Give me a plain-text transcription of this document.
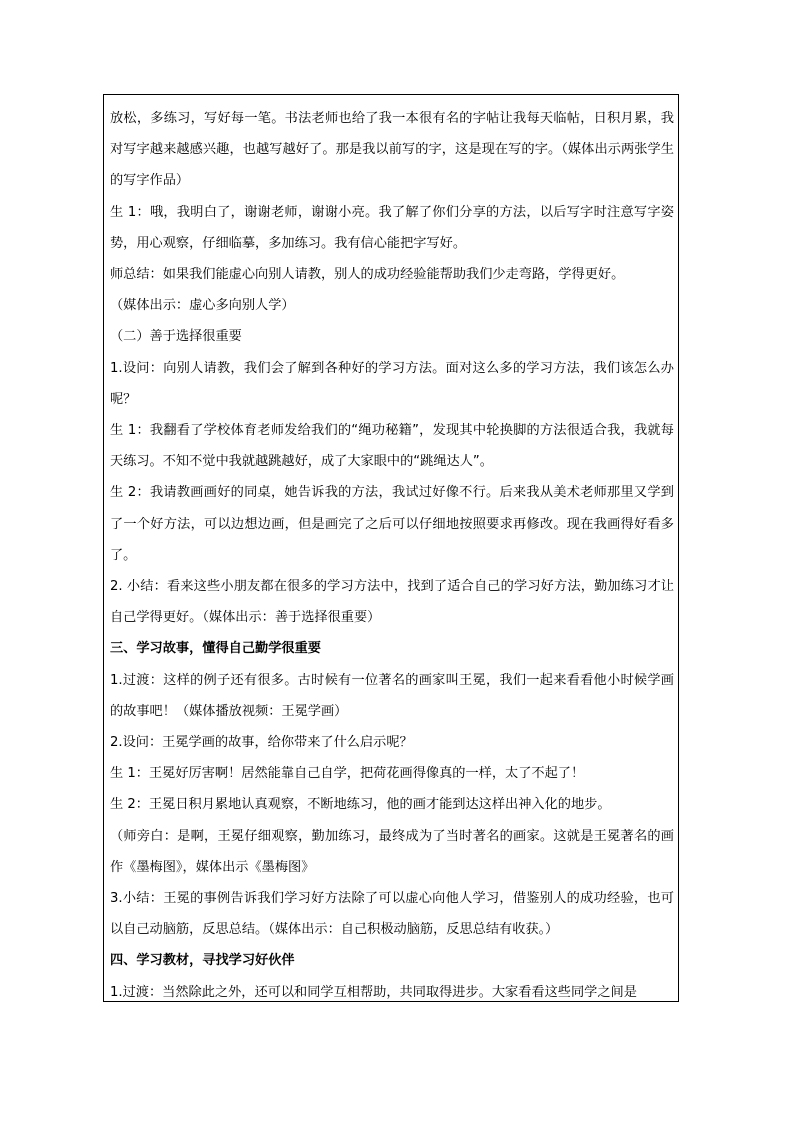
放松，多练习，写好每一笔。书法老师也给了我一本很有名的字帖让我每天临帖，日积月累，我对写字越来越感兴趣，也越写越好了。那是我以前写的字，这是现在写的字。（媒体出示两张学生的写字作品）

生 1：哦，我明白了，谢谢老师，谢谢小亮。我了解了你们分享的方法，以后写字时注意写字姿势，用心观察，仔细临摹，多加练习。我有信心能把字写好。

师总结：如果我们能虚心向别人请教，别人的成功经验能帮助我们少走弯路，学得更好。

（媒体出示：虚心多向别人学）

（二）善于选择很重要

1.设问：向别人请教，我们会了解到各种好的学习方法。面对这么多的学习方法，我们该怎么办呢？

生 1：我翻看了学校体育老师发给我们的“绳功秘籍”，发现其中轮换脚的方法很适合我，我就每天练习。不知不觉中我就越跳越好，成了大家眼中的“跳绳达人”。

生 2：我请教画画好的同桌，她告诉我的方法，我试过好像不行。后来我从美术老师那里又学到了一个好方法，可以边想边画，但是画完了之后可以仔细地按照要求再修改。现在我画得好看多了。

2. 小结：看来这些小朋友都在很多的学习方法中，找到了适合自己的学习好方法，勤加练习才让自己学得更好。（媒体出示：善于选择很重要）

三、学习故事，懂得自己勤学很重要

1.过渡：这样的例子还有很多。古时候有一位著名的画家叫王冕，我们一起来看看他小时候学画的故事吧！（媒体播放视频：王冕学画）

2.设问：王冕学画的故事，给你带来了什么启示呢？

生 1：王冕好厉害啊！居然能靠自己自学，把荷花画得像真的一样，太了不起了！

生 2：王冕日积月累地认真观察，不断地练习，他的画才能到达这样出神入化的地步。

（师旁白：是啊，王冕仔细观察，勤加练习，最终成为了当时著名的画家。这就是王冕著名的画作《墨梅图》，媒体出示《墨梅图》

3.小结：王冕的事例告诉我们学习好方法除了可以虚心向他人学习，借鉴别人的成功经验，也可以自己动脑筋，反思总结。（媒体出示：自己积极动脑筋，反思总结有收获。）

四、学习教材，寻找学习好伙伴

1.过渡：当然除此之外，还可以和同学互相帮助，共同取得进步。大家看看这些同学之间是
